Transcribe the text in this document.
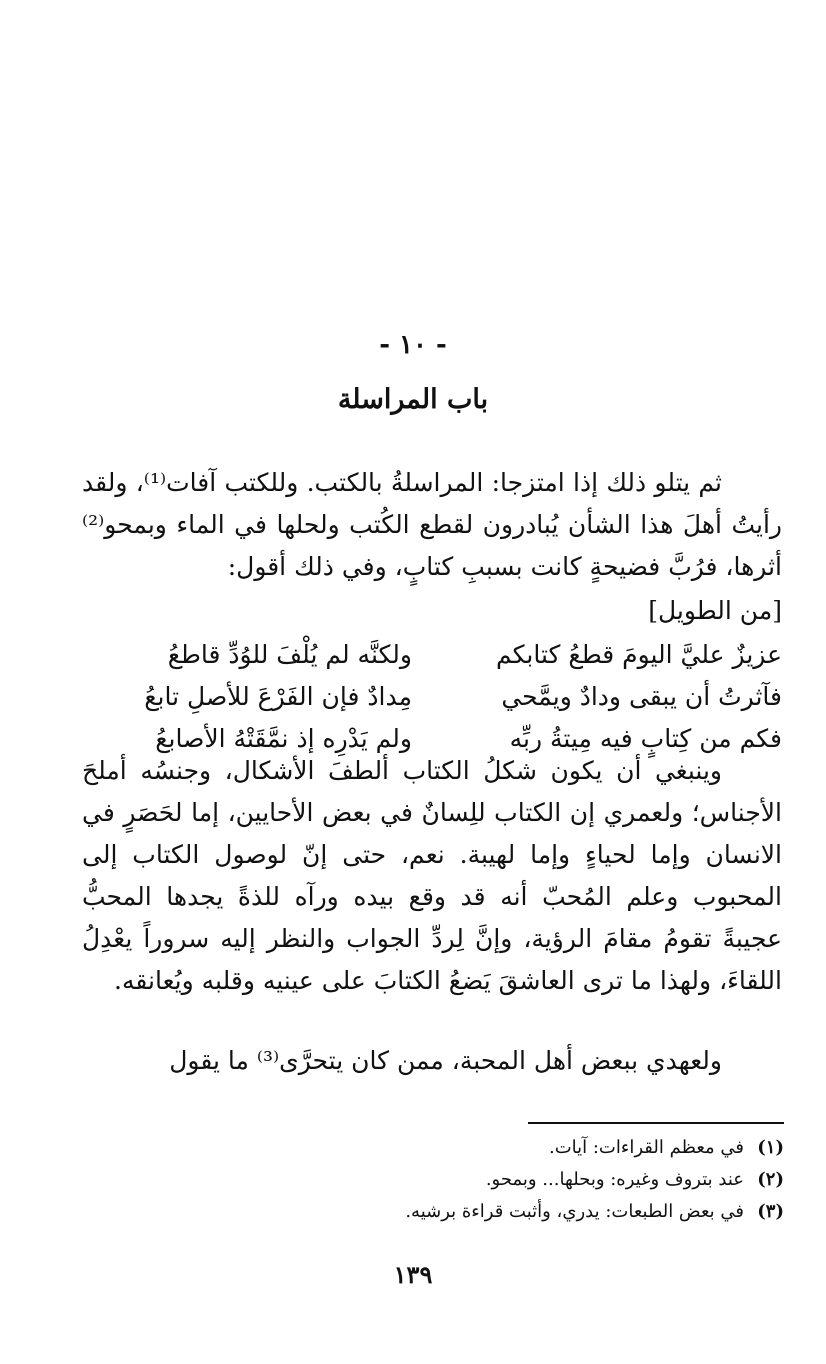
- ١٠ -
باب المراسلة

ثم يتلو ذلك إذا امتزجا: المراسلةُ بالكتب. وللكتب آفات⁽¹⁾، ولقد رأيتُ أهلَ هذا الشأن يُبادرون لقطع الكُتب ولحلها في الماء وبمحو⁽²⁾ أثرها، فرُبَّ فضيحةٍ كانت بسببِ كتابٍ، وفي ذلك أقول:

[من الطويل]
عزيزٌ عليَّ اليومَ قطعُ كتابكم
ولكنَّه لم يُلْفَ للوُدِّ قاطعُ
فآثرتُ أن يبقى ودادٌ ويمَّحي
مِدادٌ فإن الفَرْعَ للأصلِ تابعُ
فكم من كِتابٍ فيه مِيتةُ ربِّه
ولم يَدْرِه إذ نمَّقَتْهُ الأصابعُ

وينبغي أن يكون شكلُ الكتاب ألطفَ الأشكال، وجنسُه أملحَ الأجناس؛ ولعمري إن الكتاب للِسانٌ في بعض الأحايين، إما لحَصَرٍ في الانسان وإما لحياءٍ وإما لهيبة. نعم، حتى إنّ لوصول الكتاب إلى المحبوب وعلم المُحبّ أنه قد وقع بيده ورآه للذةً يجدها المحبُّ عجيبةً تقومُ مقامَ الرؤية، وإنَّ لِردِّ الجواب والنظر إليه سروراً يعْدِلُ اللقاءَ، ولهذا ما ترى العاشقَ يَضعُ الكتابَ على عينيه وقلبه ويُعانقه.

ولعهدي ببعض أهل المحبة، ممن كان يتحرَّى⁽³⁾ ما يقول

(١)
في معظم القراءات: آيات.
(٢)
عند بتروف وغيره: وبحلها... وبمحو.
(٣)
في بعض الطبعات: يدري، وأثبت قراءة برشيه.
١٣٩
